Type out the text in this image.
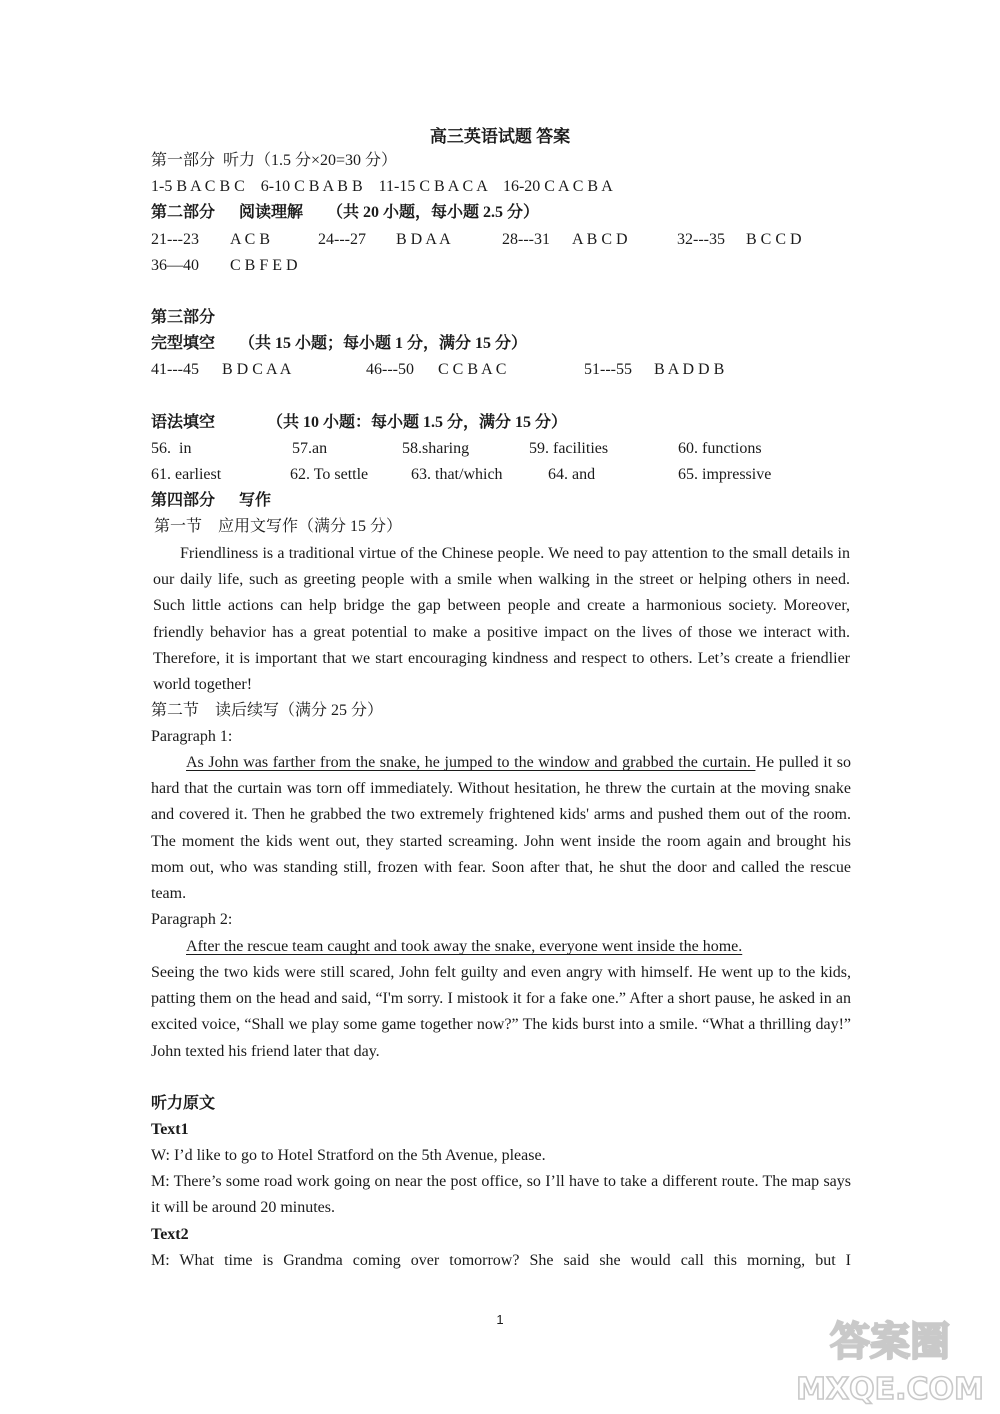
高三英语试题 答案
第一部分  听力（1.5 分×20=30 分）
1-5 B A C B C    6-10 C B A B B    11-15 C B A C A    16-20 C A C B A
第二部分      阅读理解      （共 20 小题，每小题 2.5 分）
21---23 A C B	24---27 B D A A	28---31 A B C D	32---35 B C C D
36—40 C B F E D
第三部分
完型填空      （共 15 小题；每小题 1 分，满分 15 分）
41---45 B D C A A	46---50 C C B A C	51---55 B A D D B
语法填空             （共 10 小题：每小题 1.5 分，满分 15 分）
56.  in	57.an	58.sharing	59. facilities	60. functions
61. earliest	62. To settle	63. that/which	64. and	65. impressive
第四部分      写作
第一节    应用文写作（满分 15 分）
Friendliness is a traditional virtue of the Chinese people. We need to pay attention to the small details in our daily life, such as greeting people with a smile when walking in the street or helping others in need. Such little actions can help bridge the gap between people and create a harmonious society. Moreover, friendly behavior has a great potential to make a positive impact on the lives of those we interact with. Therefore, it is important that we start encouraging kindness and respect to others. Let’s create a friendlier world together!
第二节    读后续写（满分 25 分）
Paragraph 1:
As John was farther from the snake, he jumped to the window and grabbed the curtain. He pulled it so hard that the curtain was torn off immediately. Without hesitation, he threw the curtain at the moving snake and covered it. Then he grabbed the two extremely frightened kids' arms and pushed them out of the room. The moment the kids went out, they started screaming. John went inside the room again and brought his mom out, who was standing still, frozen with fear. Soon after that, he shut the door and called the rescue team.
Paragraph 2:
After the rescue team caught and took away the snake, everyone went inside the home.
Seeing the two kids were still scared, John felt guilty and even angry with himself. He went up to the kids, patting them on the head and said, “I'm sorry. I mistook it for a fake one.” After a short pause, he asked in an excited voice, “Shall we play some game together now?” The kids burst into a smile. “What a thrilling day!” John texted his friend later that day.
听力原文
Text1
W: I’d like to go to Hotel Stratford on the 5th Avenue, please.
M: There’s some road work going on near the post office, so I’ll have to take a different route. The map says it will be around 20 minutes.
Text2
M: What time is Grandma coming over tomorrow? She said she would call this morning, but I
1	答案圈
MXQE.COM
